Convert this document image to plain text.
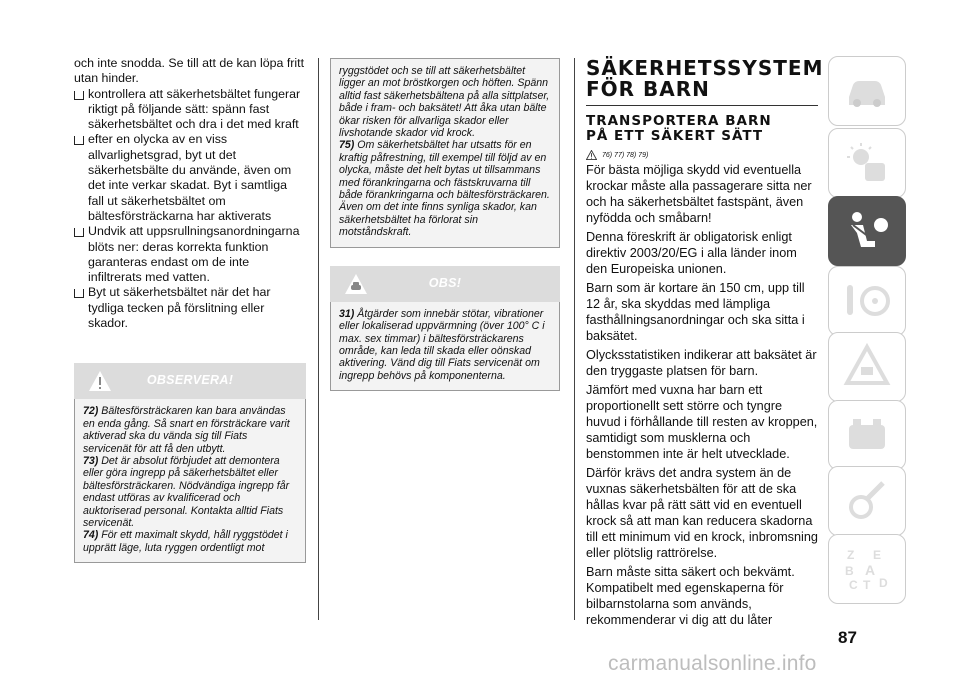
och inte snodda. Se till att de kan löpa fritt utan hinder.

kontrollera att säkerhetsbältet fungerar riktigt på följande sätt: spänn fast säkerhetsbältet och dra i det med kraft
efter en olycka av en viss allvarlighetsgrad, byt ut det säkerhetsbälte du använde, även om det inte verkar skadat. Byt i samtliga fall ut säkerhetsbältet om bältesförsträckarna har aktiverats
Undvik att uppsrullningsanordningarna blöts ner: deras korrekta funktion garanteras endast om de inte infiltrerats med vatten.
Byt ut säkerhetsbältet när det har tydliga tecken på förslitning eller skador.
OBSERVERA!

72) Bältesförsträckaren kan bara användas en enda gång. Så snart en försträckare varit aktiverad ska du vända sig till Fiats servicenät för att få den utbytt.

73) Det är absolut förbjudet att demontera eller göra ingrepp på säkerhetsbältet eller bältesförsträckaren. Nödvändiga ingrepp får endast utföras av kvalificerad och auktoriserad personal. Kontakta alltid Fiats servicenät.

74) För ett maximalt skydd, håll ryggstödet i upprätt läge, luta ryggen ordentligt mot

ryggstödet och se till att säkerhetsbältet ligger an mot bröstkorgen och höften. Spänn alltid fast säkerhetsbältena på alla sittplatser, både i fram- och baksätet! Att åka utan bälte ökar risken för allvarliga skador eller livshotande skador vid krock.

75) Om säkerhetsbältet har utsatts för en kraftig påfrestning, till exempel till följd av en olycka, måste det helt bytas ut tillsammans med förankringarna och fästskruvarna till både förankringarna och bältesförsträckaren. Även om det inte finns synliga skador, kan säkerhetsbältet ha förlorat sin motståndskraft.

OBS!

31) Åtgärder som innebär stötar, vibrationer eller lokaliserad uppvärmning (över 100° C i max. sex timmar) i bältesförsträckarens område, kan leda till skada eller oönskad aktivering. Vänd dig till Fiats servicenät om ingrepp behövs på komponenterna.

SÄKERHETSSYSTEM
FÖR BARN
TRANSPORTERA BARN
PÅ ETT SÄKERT SÄTT
76) 77) 78) 79)

För bästa möjliga skydd vid eventuella krockar måste alla passagerare sitta ner och ha säkerhetsbältet fastspänt, även nyfödda och småbarn!

Denna föreskrift är obligatorisk enligt direktiv 2003/20/EG i alla länder inom den Europeiska unionen.

Barn som är kortare än 150 cm, upp till 12 år, ska skyddas med lämpliga fasthållningsanordningar och ska sitta i baksätet.

Olycksstatistiken indikerar att baksätet är den tryggaste platsen för barn.

Jämfört med vuxna har barn ett proportionellt sett större och tyngre huvud i förhållande till resten av kroppen, samtidigt som musklerna och benstommen inte är helt utvecklade.

Därför krävs det andra system än de vuxnas säkerhetsbälten för att de ska hållas kvar på rätt sätt vid en eventuell krock så att man kan reducera skadorna till ett minimum vid en krock, inbromsning eller plötslig rattrörelse.

Barn måste sitta säkert och bekvämt. Kompatibelt med egenskaperna för bilbarnstolarna som används, rekommenderar vi dig att du låter

Z E
B A
C T D
87
carmanualsonline.info
